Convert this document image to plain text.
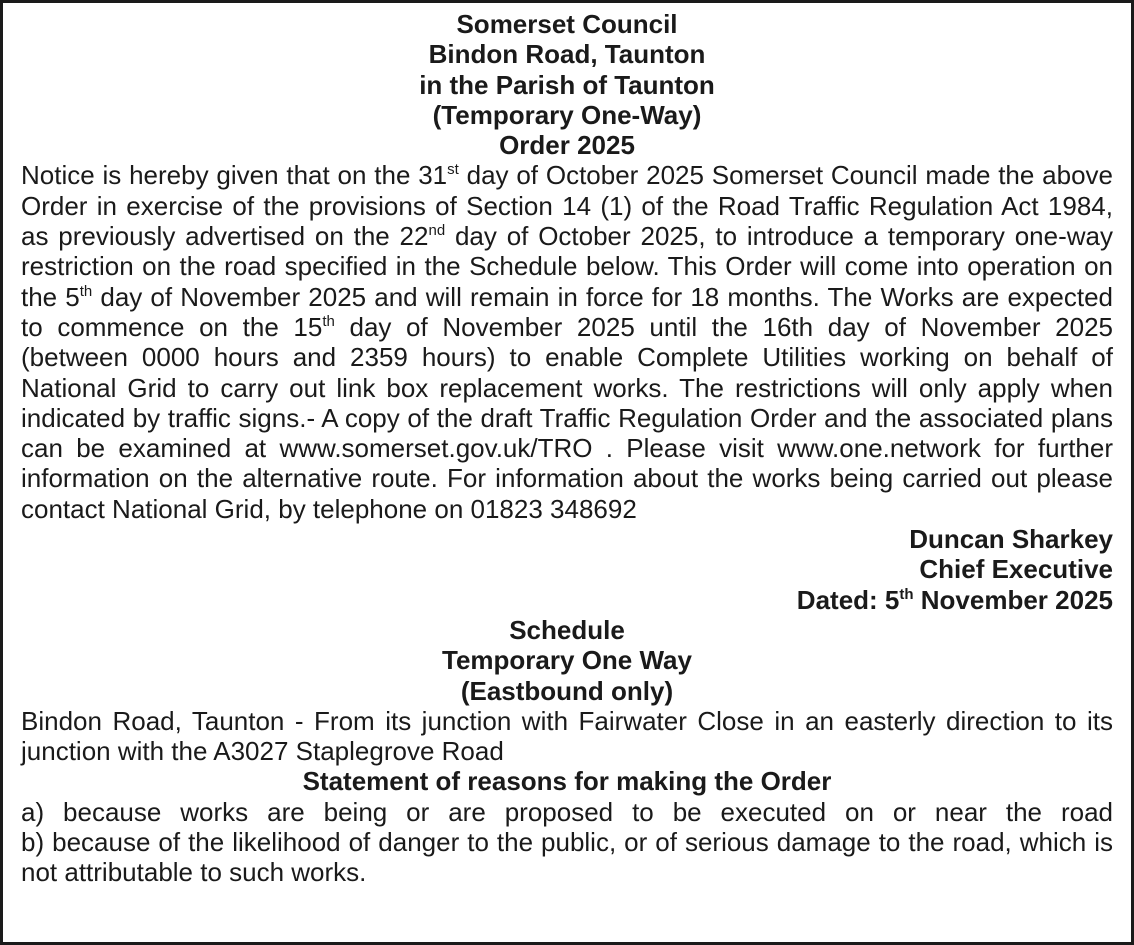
Somerset Council
Bindon Road, Taunton
in the Parish of Taunton
(Temporary One-Way)
Order 2025
Notice is hereby given that on the 31st day of October 2025 Somerset Council made the above Order in exercise of the provisions of Section 14 (1) of the Road Traffic Regulation Act 1984, as previously advertised on the 22nd day of October 2025, to introduce a temporary one-way restriction on the road specified in the Schedule below. This Order will come into operation on the 5th day of November 2025 and will remain in force for 18 months. The Works are expected to commence on the 15th day of November 2025 until the 16th day of November 2025 (between 0000 hours and 2359 hours) to enable Complete Utilities working on behalf of National Grid to carry out link box replacement works. The restrictions will only apply when indicated by traffic signs.- A copy of the draft Traffic Regulation Order and the associated plans can be examined at www.somerset.gov.uk/TRO . Please visit www.one.network for further information on the alternative route. For information about the works being carried out please contact National Grid, by telephone on 01823 348692
Duncan Sharkey
Chief Executive
Dated: 5th November 2025
Schedule
Temporary One Way
(Eastbound only)
Bindon Road, Taunton - From its junction with Fairwater Close in an easterly direction to its junction with the A3027 Staplegrove Road
Statement of reasons for making the Order
a) because works are being or are proposed to be executed on or near the road
b) because of the likelihood of danger to the public, or of serious damage to the road, which is not attributable to such works.
